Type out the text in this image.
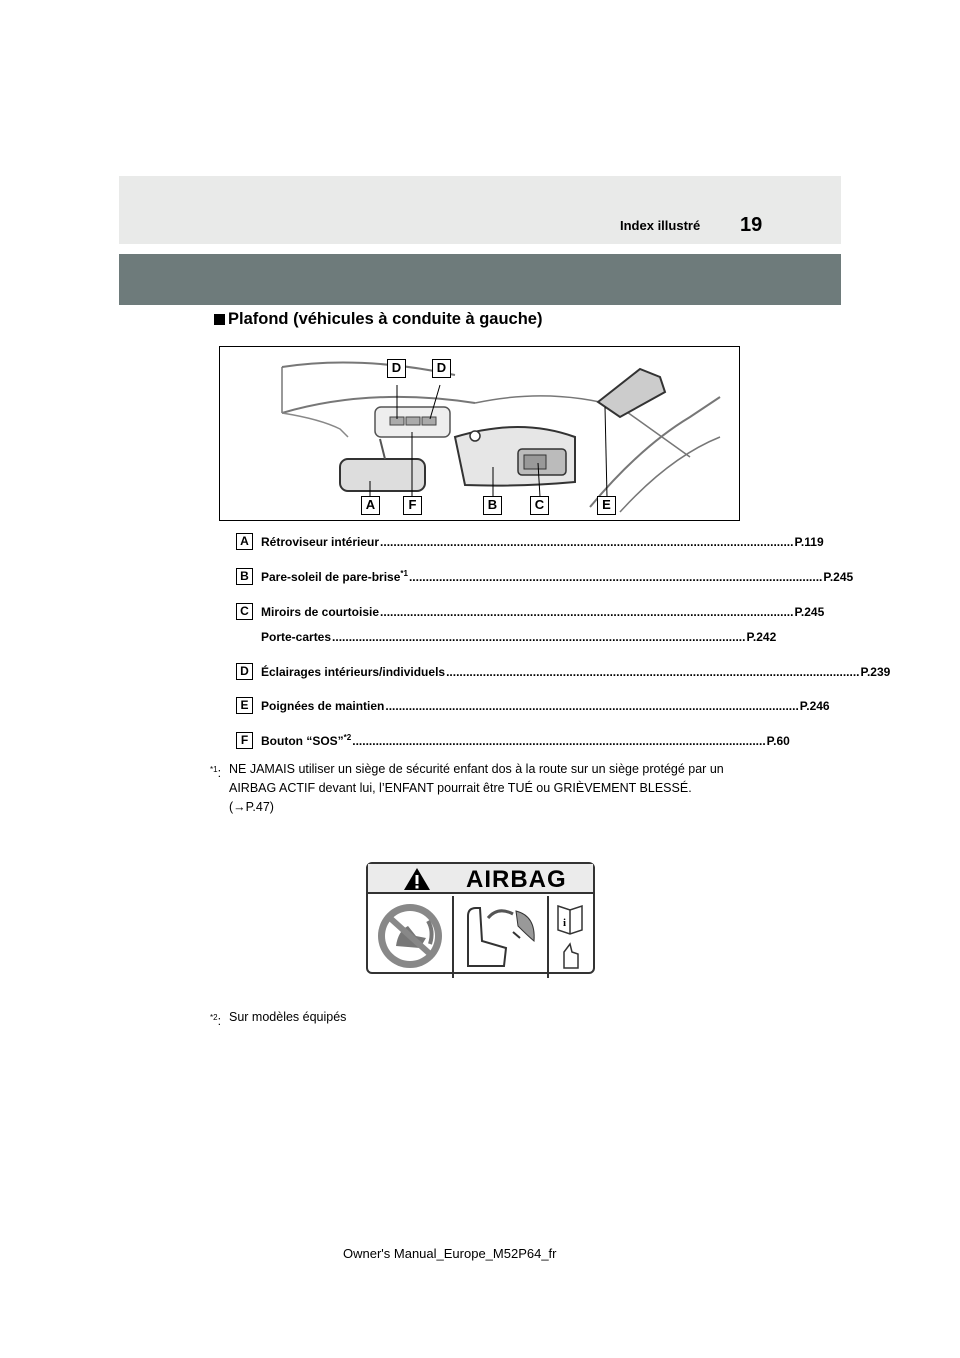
Index illustré 19
Plafond (véhicules à conduite à gauche)
D	D
A	F	B	C	E
A	Rétroviseur intérieur ............................................................................................................................ P.119
B	Pare-soleil de pare-brise$^{*1}$ ............................................................................................................................ P.245
C	Miroirs de courtoisie ............................................................................................................................ P.245
Porte-cartes ............................................................................................................................ P.242
D	Éclairages intérieurs/individuels ............................................................................................................................ P.239
E	Poignées de maintien ............................................................................................................................ P.246
F	Bouton “SOS”$^{*2}$ ............................................................................................................................ P.60
$^{*1}$: NE JAMAIS utiliser un siège de sécurité enfant dos à la route sur un siège protégé par un
AIRBAG ACTIF devant lui, l’ENFANT pourrait être TUÉ ou GRIÈVEMENT BLESSÉ.
(→P.47)
AIRBAG
i
$^{*2}$: Sur modèles équipés
Owner's Manual_Europe_M52P64_fr
